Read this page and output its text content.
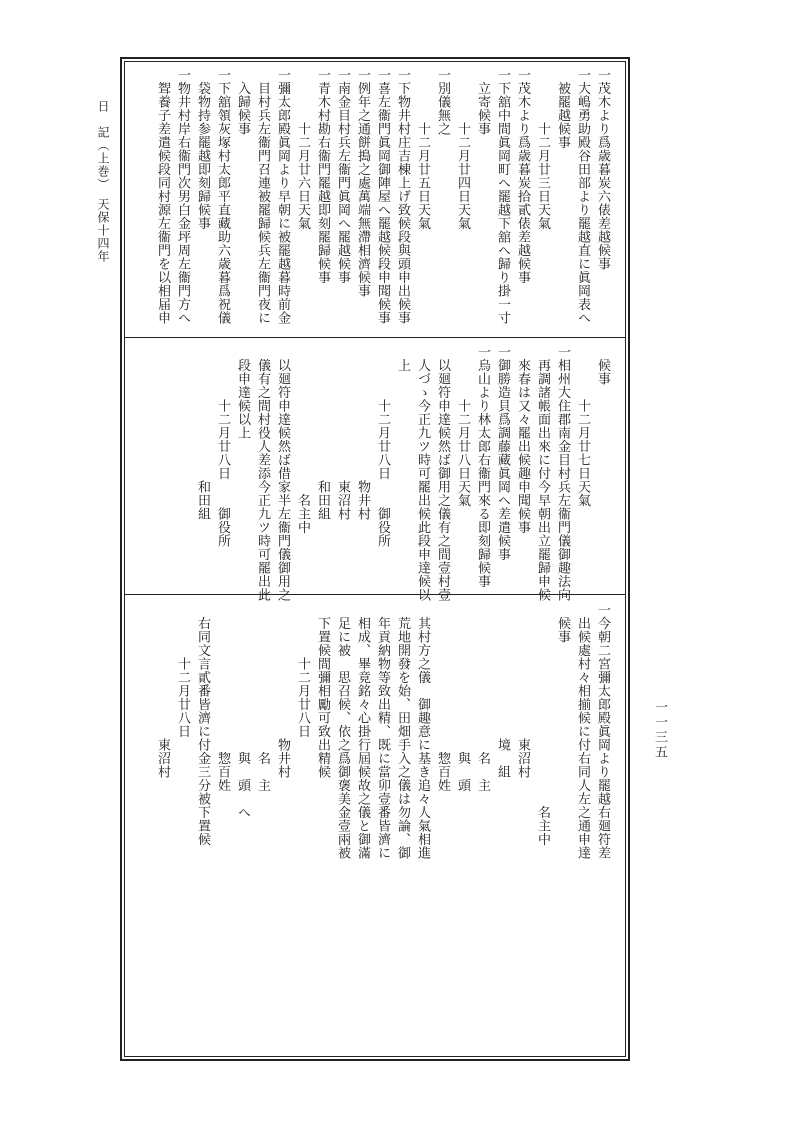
日　記（上巻）　天保十四年
一一三五
一茂木より爲歳暮炭六俵差越候事
一大嶋勇助殿谷田部より罷越直に眞岡表へ
　被罷越候事
　　　　十二月廿三日天氣
一茂木より爲歳暮炭拾貳俵差越候事
一下舘中間眞岡町へ罷越下舘へ歸り掛一寸
　立寄候事
　　　　十二月廿四日天氣
一別儀無之
　　　　十二月廿五日天氣
一下物井村庄吉棟上げ致候段與頭申出候事
一喜左衞門眞岡御陣屋へ罷越候段申聞候事
一例年之通餅搗之處萬端無滯相濟候事
一南金目村兵左衞門眞岡へ罷越候事
一青木村勘右衞門罷越即刻罷歸候事
　　　　十二月廿六日天氣
一彌太郎殿眞岡より早朝に被罷越暮時前金
　目村兵左衞門召連被罷歸候兵左衞門夜に
　入歸候事
一下舘領灰塚村太郎平直藏助六歳暮爲祝儀
　袋物持参罷越即刻歸候事
一物井村岸右衞門次男白金坪周左衞門方へ
　聟養子差遣候段同村源左衞門を以相届申
　候事
　　　　十二月廿七日天氣
一相州大住郡南金目村兵左衞門儀御趣法向
　再調諸帳面出來に付今早朝出立罷歸申候
　來春は又々罷出候趣申聞候事
一御勝造貝爲調藤藏眞岡へ差遣候事
一烏山より林太郎右衞門來る即刻歸候事
　　　　十二月廿八日天氣
　以廻符申達候然ば御用之儀有之間壹村壹
　人づゝ今正九ツ時可罷出候此段申達候以
　上
　　　　十二月廿八日　　御役所
　　　　　　　　　　物井村
　　　　　　　　　　東沼村
　　　　　　　　　　和田組
　　　　　　　　　　　名主中
　以廻符申達候然ば借家半左衞門儀御用之
　儀有之間村役人差添今正九ツ時可罷出此
　段申達候以上
　　　　十二月廿八日　　御役所
　　　　　　　　　　和田組
一今朝二宮彌太郎殿眞岡より罷越右廻符差
　出候處村々相揃候に付右同人左之通申達
　候事
　　　　　　　　　　　　　　　名主中
　　　　　　　　　　東沼村
　　　　　　　　　　境　組
　　　　　　　　　　　名　主
　　　　　　　　　　　與　頭
　　　　　　　　　　　惣百姓
　其村方之儀　御趣意に基き追々人氣相進
　荒地開發を始、田畑手入之儀は勿論、御
　年貢納物等致出精、既に當卯壹番皆濟に
　相成、畢竟銘々心掛行屆候故之儀と御滿
　足に被　思召候、依之爲御褒美金壹兩被
　下置候間彌相勵可致出精候
　　　　十二月廿八日
　　　　　　　　　　物井村
　　　　　　　　　　　名　主
　　　　　　　　　　　與　頭　へ
　　　　　　　　　　　惣百姓
　右同文言貳番皆濟に付金三分被下置候
　　　　十二月廿八日
　　　　　　　　　　東沼村
